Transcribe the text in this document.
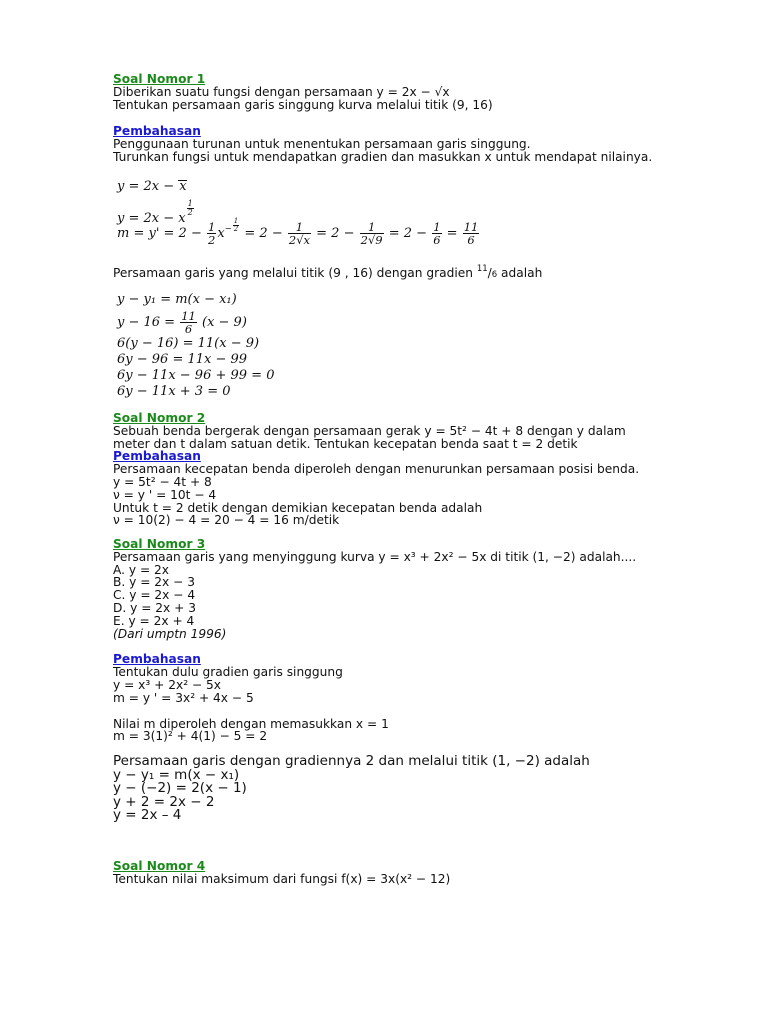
Soal Nomor 1
Diberikan suatu fungsi dengan persamaan y = 2x − √x
Tentukan persamaan garis singgung kurva melalui titik (9, 16)
Pembahasan
Penggunaan turunan untuk menentukan persamaan garis singgung.
Turunkan fungsi untuk mendapatkan gradien dan masukkan x untuk mendapat nilainya.
y = 2x − x
y = 2x − x
$\frac{1}{2}$
$m = y' = 2 - \frac{1}{2} x^{- \frac{1}{2}}$
= $2 - \frac{1}{2√x} = 2 - \frac{1}{2√9} = 2 - \frac{1}{6} = \frac{11}{6}$
Persamaan garis yang melalui titik (9 , 16) dengan gradien $^{11}$/6 adalah
y − y₁ = m(x − x₁)
$y - 16 = \frac{11}{6} (x - 9)$
6(y − 16) = 11(x − 9)
6y − 96 = 11x − 99
6y − 11x − 96 + 99 = 0
6y − 11x + 3 = 0
Soal Nomor 2
Sebuah benda bergerak dengan persamaan gerak y = 5t² − 4t + 8 dengan y dalam
meter dan t dalam satuan detik. Tentukan kecepatan benda saat t = 2 detik
Pembahasan
Persamaan kecepatan benda diperoleh dengan menurunkan persamaan posisi benda.
y = 5t² − 4t + 8
ν = y ' = 10t − 4
Untuk t = 2 detik dengan demikian kecepatan benda adalah
ν = 10(2) − 4 = 20 − 4 = 16 m/detik
Soal Nomor 3
Persamaan garis yang menyinggung kurva y = x³ + 2x² − 5x di titik (1, −2) adalah....
A. y = 2x
B. y = 2x − 3
C. y = 2x − 4
D. y = 2x + 3
E. y = 2x + 4
(Dari umptn 1996)
Pembahasan
Tentukan dulu gradien garis singgung
y = x³ + 2x² − 5x
m = y ' = 3x² + 4x − 5
Nilai m diperoleh dengan memasukkan x = 1
m = 3(1)² + 4(1) − 5 = 2
Persamaan garis dengan gradiennya 2 dan melalui titik (1, −2) adalah
y − y₁ = m(x − x₁)
y − (−2) = 2(x − 1)
y + 2 = 2x − 2
y = 2x – 4
Soal Nomor 4
Tentukan nilai maksimum dari fungsi f(x) = 3x(x² − 12)
